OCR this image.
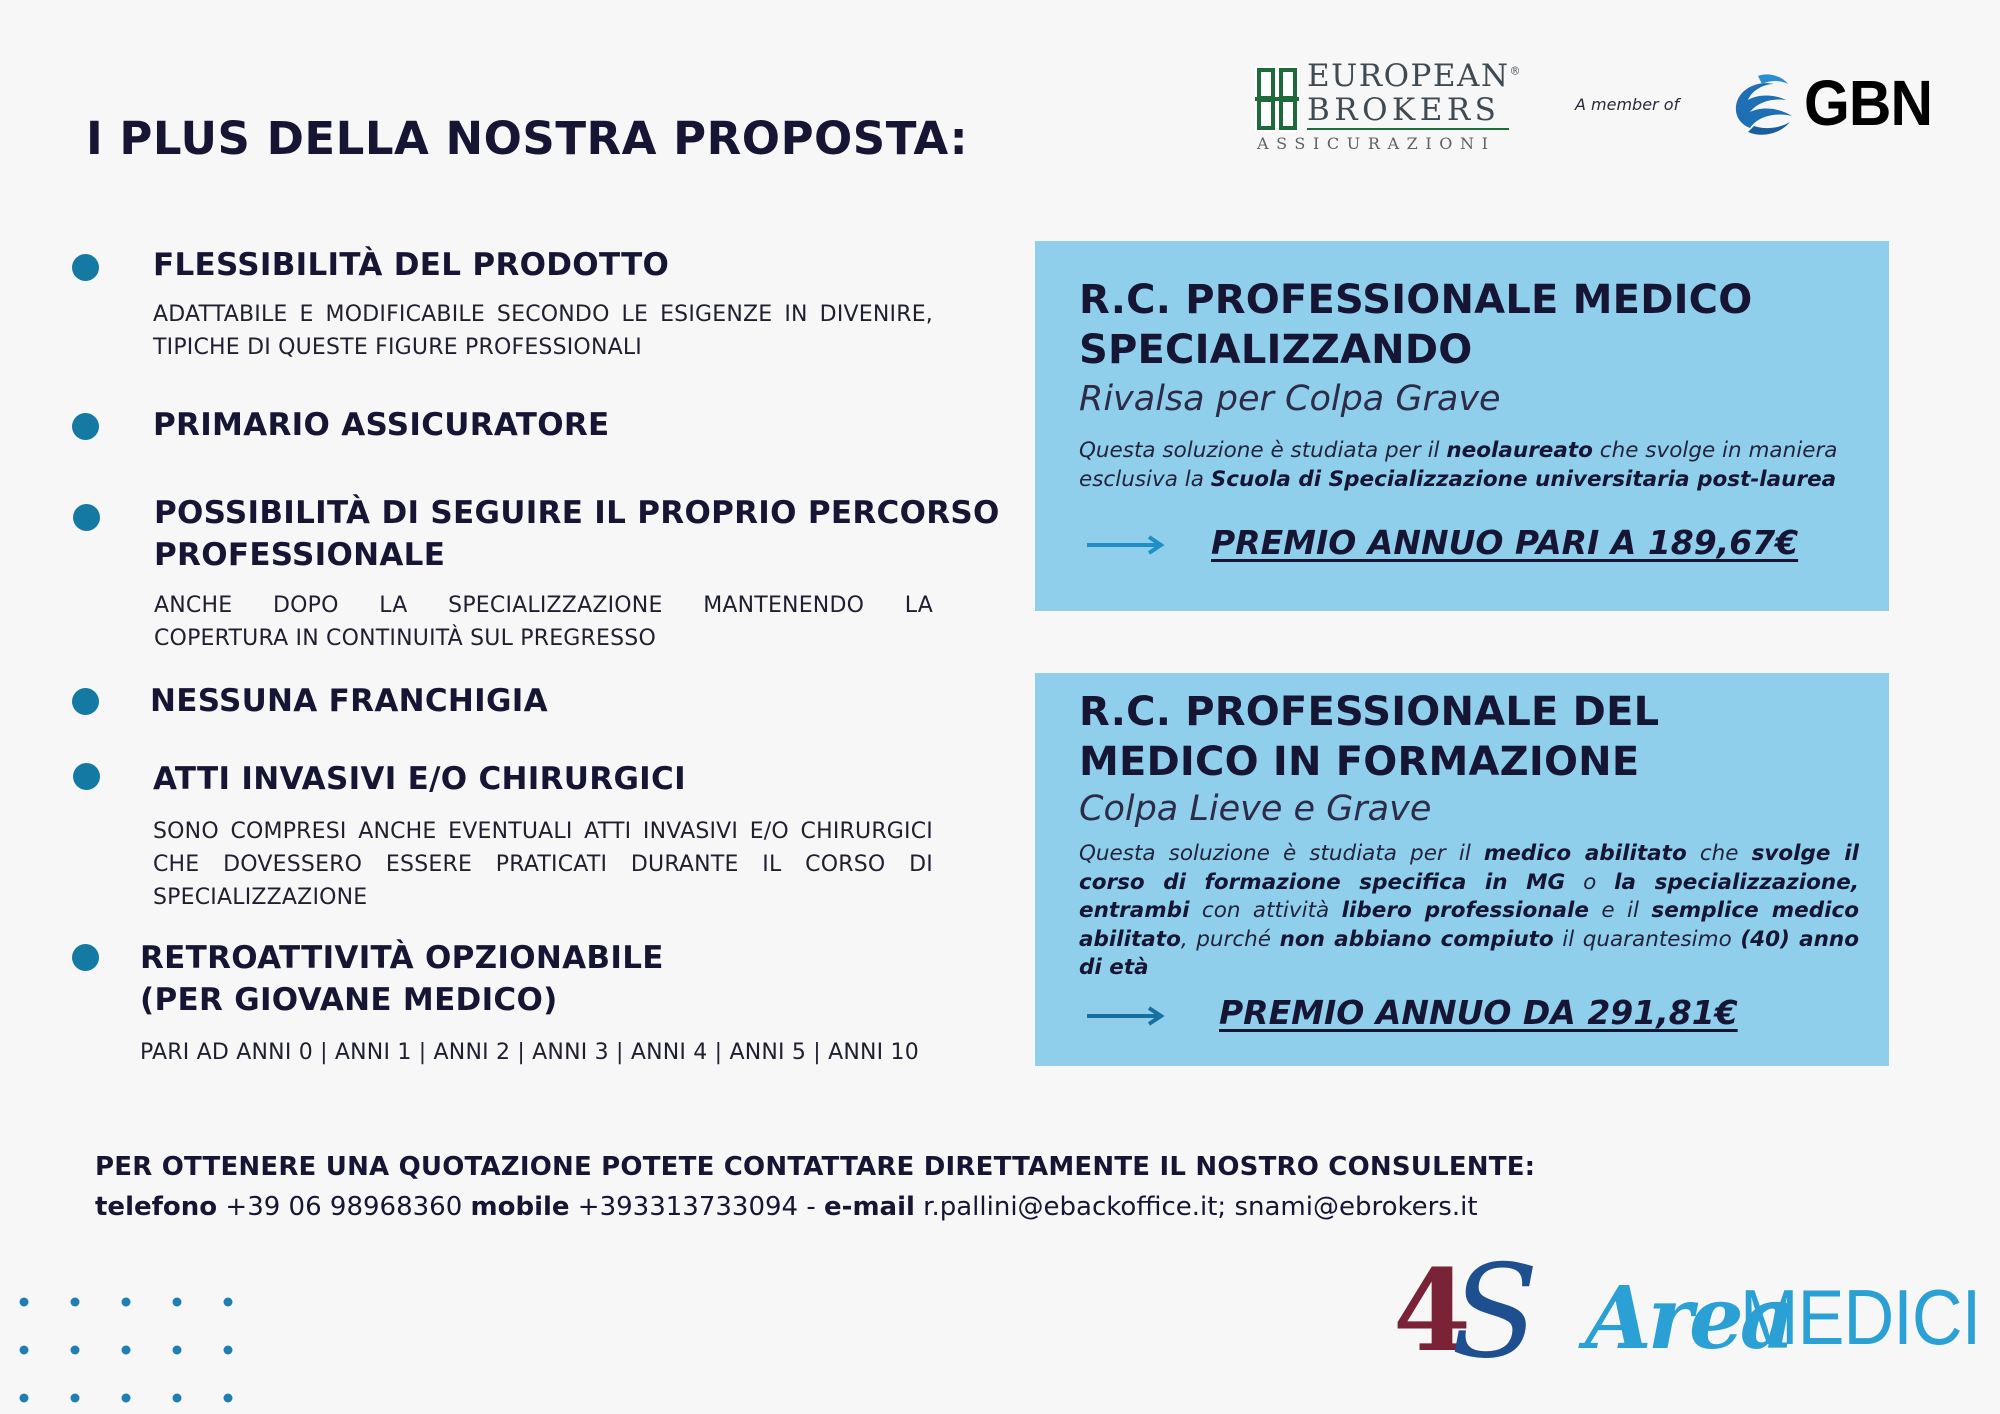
I PLUS DELLA NOSTRA PROPOSTA:
EUROPEAN®
BROKERS
ASSICURAZIONI
A member of GBN
FLESSIBILITÀ DEL PRODOTTO
ADATTABILE E MODIFICABILE SECONDO LE ESIGENZE IN DIVENIRE,
TIPICHE DI QUESTE FIGURE PROFESSIONALI
PRIMARIO ASSICURATORE
POSSIBILITÀ DI SEGUIRE IL PROPRIO PERCORSO
PROFESSIONALE
ANCHE DOPO LA SPECIALIZZAZIONE MANTENENDO LA
COPERTURA IN CONTINUITÀ SUL PREGRESSO
NESSUNA FRANCHIGIA
ATTI INVASIVI E/O CHIRURGICI
SONO COMPRESI ANCHE EVENTUALI ATTI INVASIVI E/O CHIRURGICI
CHE DOVESSERO ESSERE PRATICATI DURANTE IL CORSO DI
SPECIALIZZAZIONE
RETROATTIVITÀ OPZIONABILE
(PER GIOVANE MEDICO)
PARI AD ANNI 0 | ANNI 1 | ANNI 2 | ANNI 3 | ANNI 4 | ANNI 5 | ANNI 10
R.C. PROFESSIONALE MEDICO
SPECIALIZZANDO
Rivalsa per Colpa Grave
Questa soluzione è studiata per il neolaureato che svolge in maniera esclusiva la Scuola di Specializzazione universitaria post-laurea
PREMIO ANNUO PARI A 189,67€
R.C. PROFESSIONALE DEL
MEDICO IN FORMAZIONE
Colpa Lieve e Grave
Questa soluzione è studiata per il medico abilitato che svolge il corso di formazione specifica in MG o la specializzazione, entrambi con attività libero professionale e il semplice medico abilitato, purché non abbiano compiuto il quarantesimo (40) anno di età
PREMIO ANNUO DA 291,81€
PER OTTENERE UNA QUOTAZIONE POTETE CONTATTARE DIRETTAMENTE IL NOSTRO CONSULENTE:
telefono +39 06 98968360 mobile +393313733094 - e-mail r.pallini@ebackoffice.it; snami@ebrokers.it
4
S Area
MEDICI
